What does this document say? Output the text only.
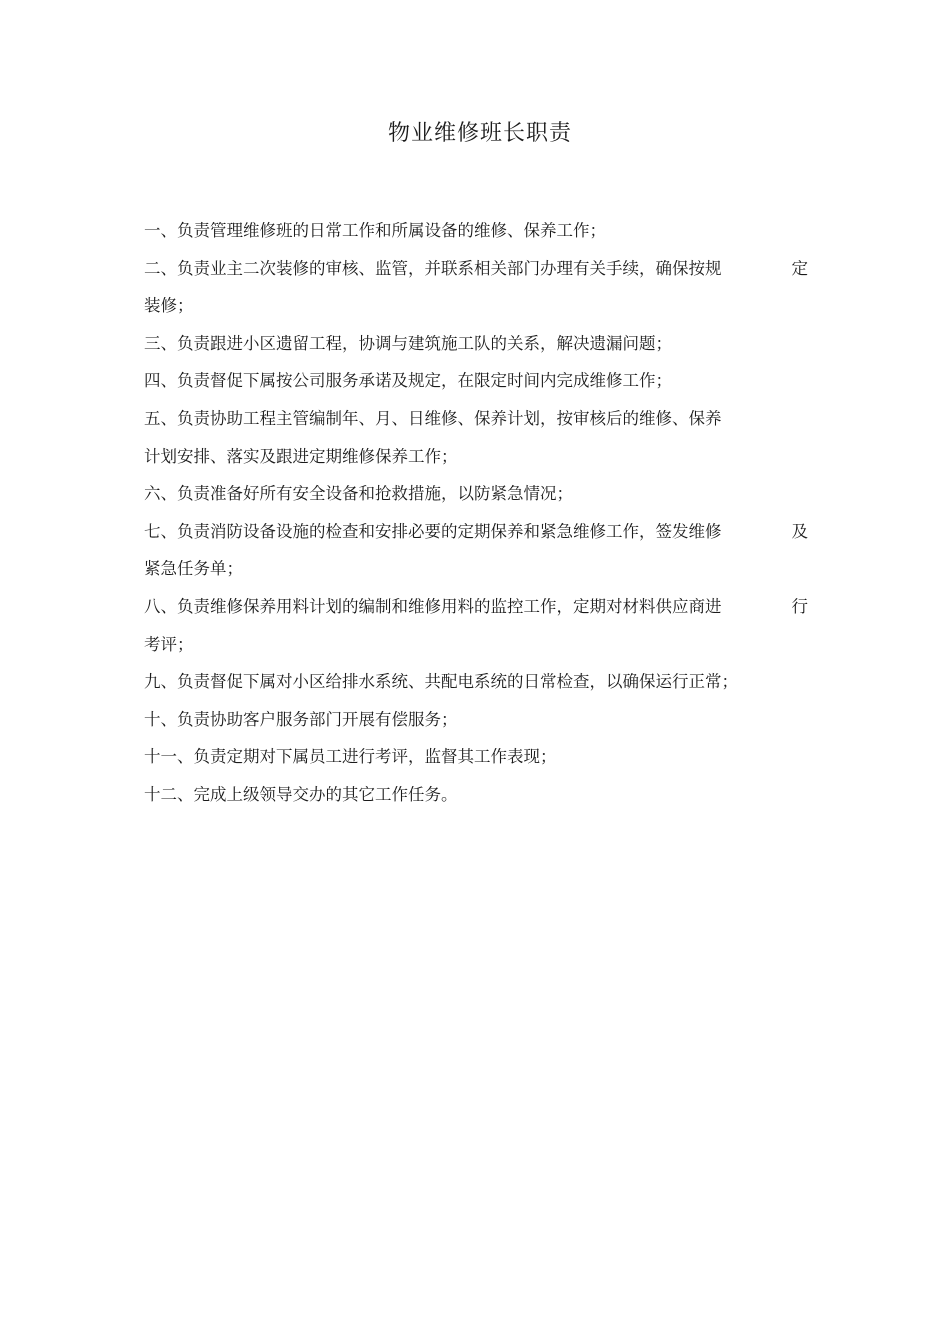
物业维修班长职责
一、负责管理维修班的日常工作和所属设备的维修、保养工作；
二、负责业主二次装修的审核、监管，并联系相关部门办理有关手续，确保按规	定
装修；
三、负责跟进小区遗留工程，协调与建筑施工队的关系，解决遗漏问题；
四、负责督促下属按公司服务承诺及规定，在限定时间内完成维修工作；
五、负责协助工程主管编制年、月、日维修、保养计划，按审核后的维修、保养
计划安排、落实及跟进定期维修保养工作；
六、负责准备好所有安全设备和抢救措施，以防紧急情况；
七、负责消防设备设施的检查和安排必要的定期保养和紧急维修工作，签发维修	及
紧急任务单；
八、负责维修保养用料计划的编制和维修用料的监控工作，定期对材料供应商进	行
考评；
九、负责督促下属对小区给排水系统、共配电系统的日常检查，以确保运行正常；
十、负责协助客户服务部门开展有偿服务；
十一、负责定期对下属员工进行考评，监督其工作表现；
十二、完成上级领导交办的其它工作任务。
